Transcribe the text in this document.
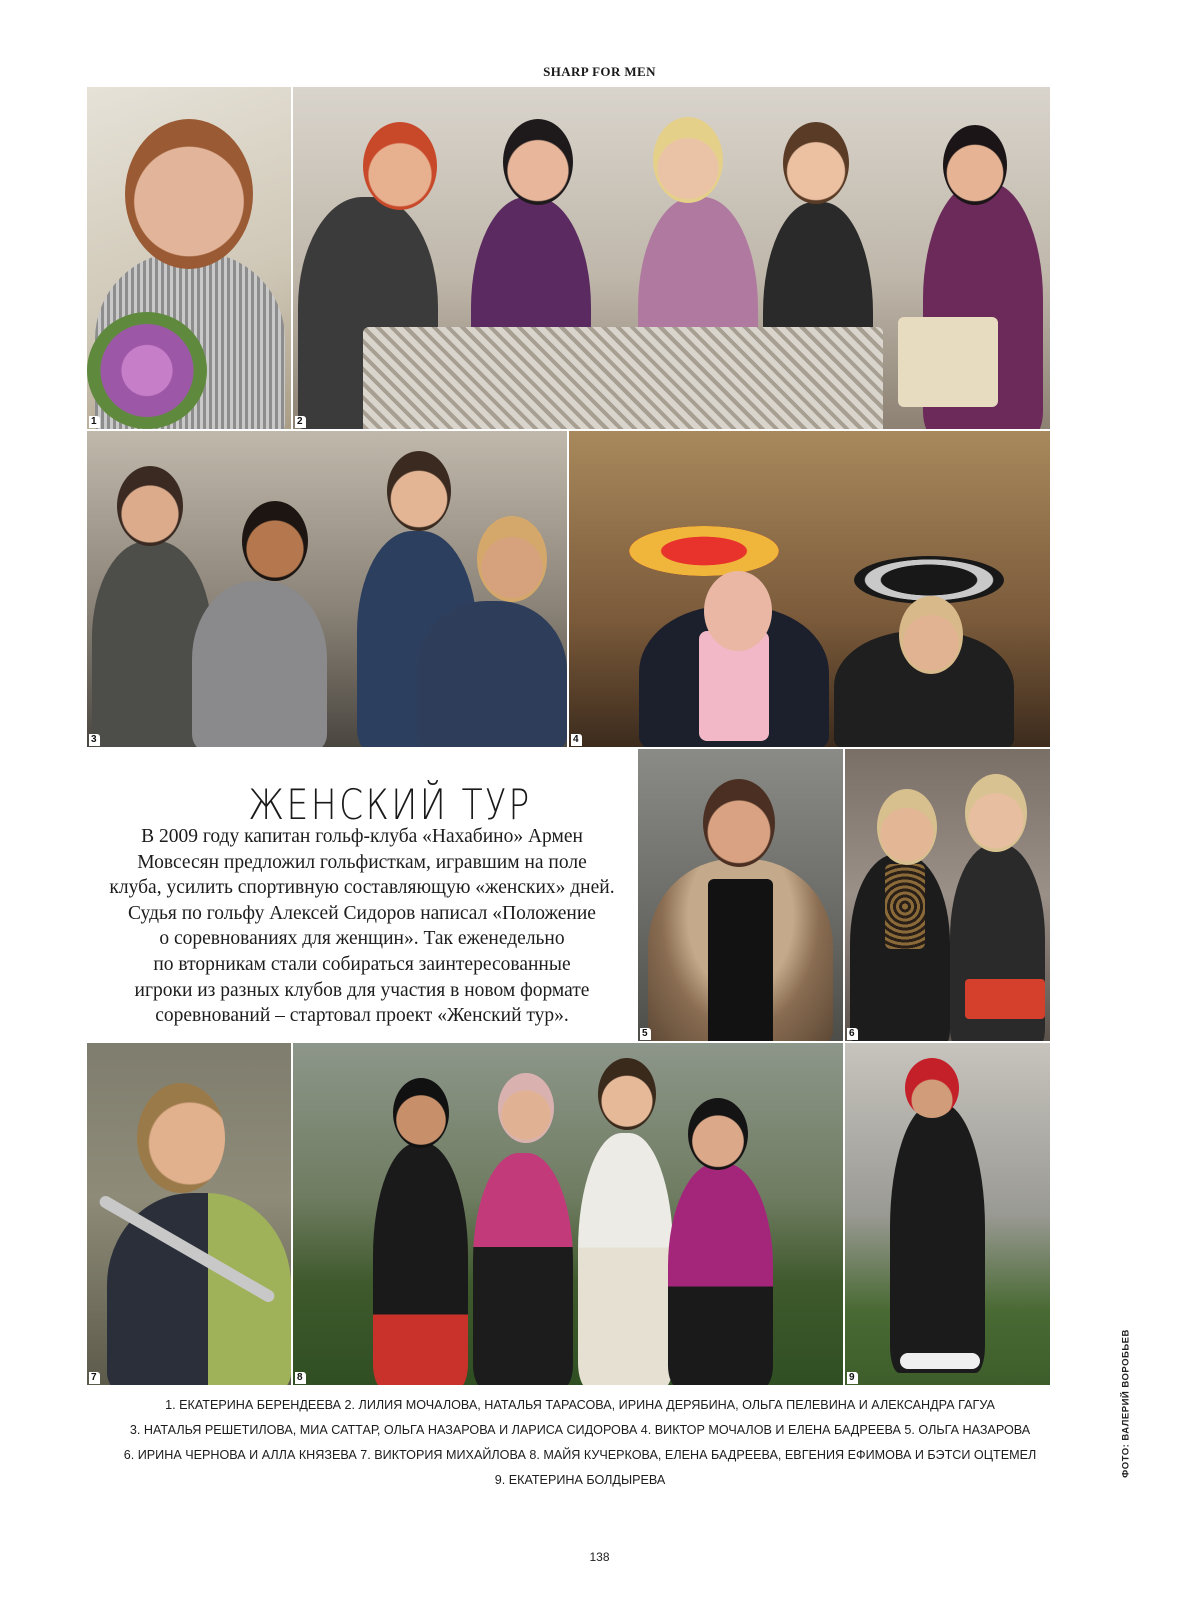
SHARP FOR MEN
1	2
3	4
5	6
7	8	9
ЖЕНСКИЙ ТУР
В 2009 году капитан гольф-клуба «Нахабино» Армен
Мовсесян предложил гольфисткам, игравшим на поле
клуба, усилить спортивную составляющую «женских» дней.
Судья по гольфу Алексей Сидоров написал «Положение
о соревнованиях для женщин». Так еженедельно
по вторникам стали собираться заинтересованные
игроки из разных клубов для участия в новом формате
соревнований – стартовал проект «Женский тур».
1. ЕКАТЕРИНА БЕРЕНДЕЕВА 2. ЛИЛИЯ МОЧАЛОВА, НАТАЛЬЯ ТАРАСОВА, ИРИНА ДЕРЯБИНА, ОЛЬГА ПЕЛЕВИНА И АЛЕКСАНДРА ГАГУА
3. НАТАЛЬЯ РЕШЕТИЛОВА, МИА САТТАР, ОЛЬГА НАЗАРОВА И ЛАРИСА СИДОРОВА 4. ВИКТОР МОЧАЛОВ И ЕЛЕНА БАДРЕЕВА 5. ОЛЬГА НАЗАРОВА
6. ИРИНА ЧЕРНОВА И АЛЛА КНЯЗЕВА 7. ВИКТОРИЯ МИХАЙЛОВА 8. МАЙЯ КУЧЕРКОВА, ЕЛЕНА БАДРЕЕВА, ЕВГЕНИЯ ЕФИМОВА И БЭТСИ ОЦТЕМЕЛ
9. ЕКАТЕРИНА БОЛДЫРЕВА
ФОТО: ВАЛЕРИЙ ВОРОБЬЕВ
138
